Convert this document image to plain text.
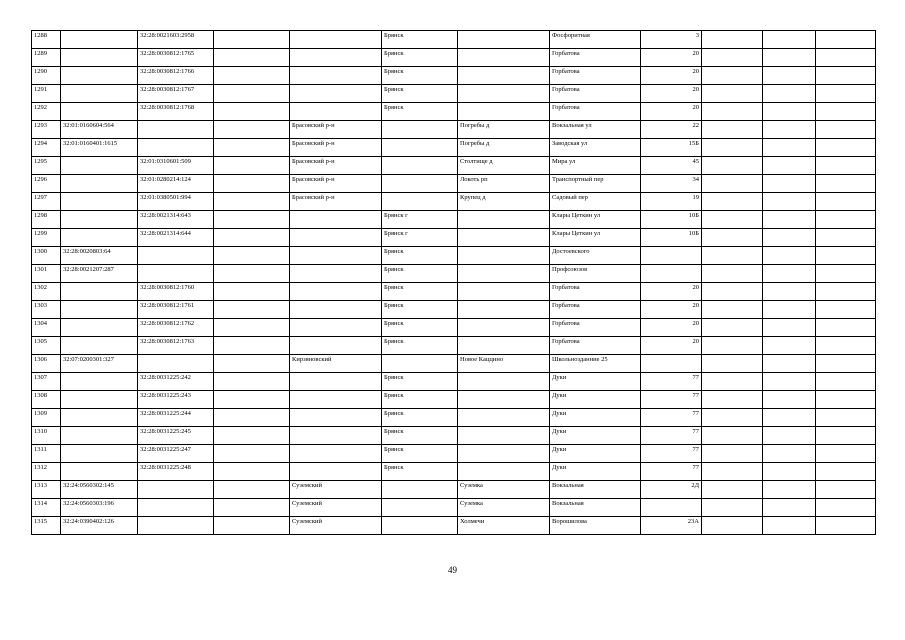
1288		32:28:0021603:2958			Брянск		Фосфоритная	3			
1289		32:28:0030812:1765			Брянск		Горбатова	20			
1290		32:28:0030812:1766			Брянск		Горбатова	20			
1291		32:28:0030812:1767			Брянск		Горбатова	20			
1292		32:28:0030812:1768			Брянск		Горбатова	20			
1293	32:01:0160604:564			Брасовский р-н		Погребы д	Вокзальная ул	22			
1294	32:01:0160401:1615			Брасовский р-н		Погребы д	Заводская ул	15Б			
1295		32:01:0310601:509		Брасовский р-н		Столтище д	Мира ул	45			
1296		32:01:0280214:124		Брасовский р-н		Локоть рп	Транспортный пер	34			
1297		32:01:0380501:994		Брасовский р-н		Крупец д	Садовый пер	19			
1298		32:28:0021314:643			Брянск г		Клары Цеткин ул	10Б			
1299		32:28:0021314:644			Брянск г		Клары Цеткин ул	10Б			
1300	32:28:0020803:64				Брянск		Достоевского				
1301	32:28:0021207:287				Брянск		Профсоюзов				
1302		32:28:0030812:1760			Брянск		Горбатова	20			
1303		32:28:0030812:1761			Брянск		Горбатова	20			
1304		32:28:0030812:1762			Брянск		Горбатова	20			
1305		32:28:0030812:1763			Брянск		Горбатова	20			
1306	32:07:0200301:327			Кирзяновский		Новое Каццино	Школьнозданние 25				
1307		32:28:0031225:242			Брянск		Дуки	77			
1308		32:28:0031225:243			Брянск		Дуки	77			
1309		32:28:0031225:244			Брянск		Дуки	77			
1310		32:28:0031225:245			Брянск		Дуки	77			
1311		32:28:0031225:247			Брянск		Дуки	77			
1312		32:28:0031225:248			Брянск		Дуки	77			
1313	32:24:0560302:145			Суземский		Суземка	Вокзальная	2Д			
1314	32:24:0560303:196			Суземский		Суземка	Вокзальная				
1315	32:24:0390402:126			Суземский		Холмечи	Ворошилова	23А			
49
